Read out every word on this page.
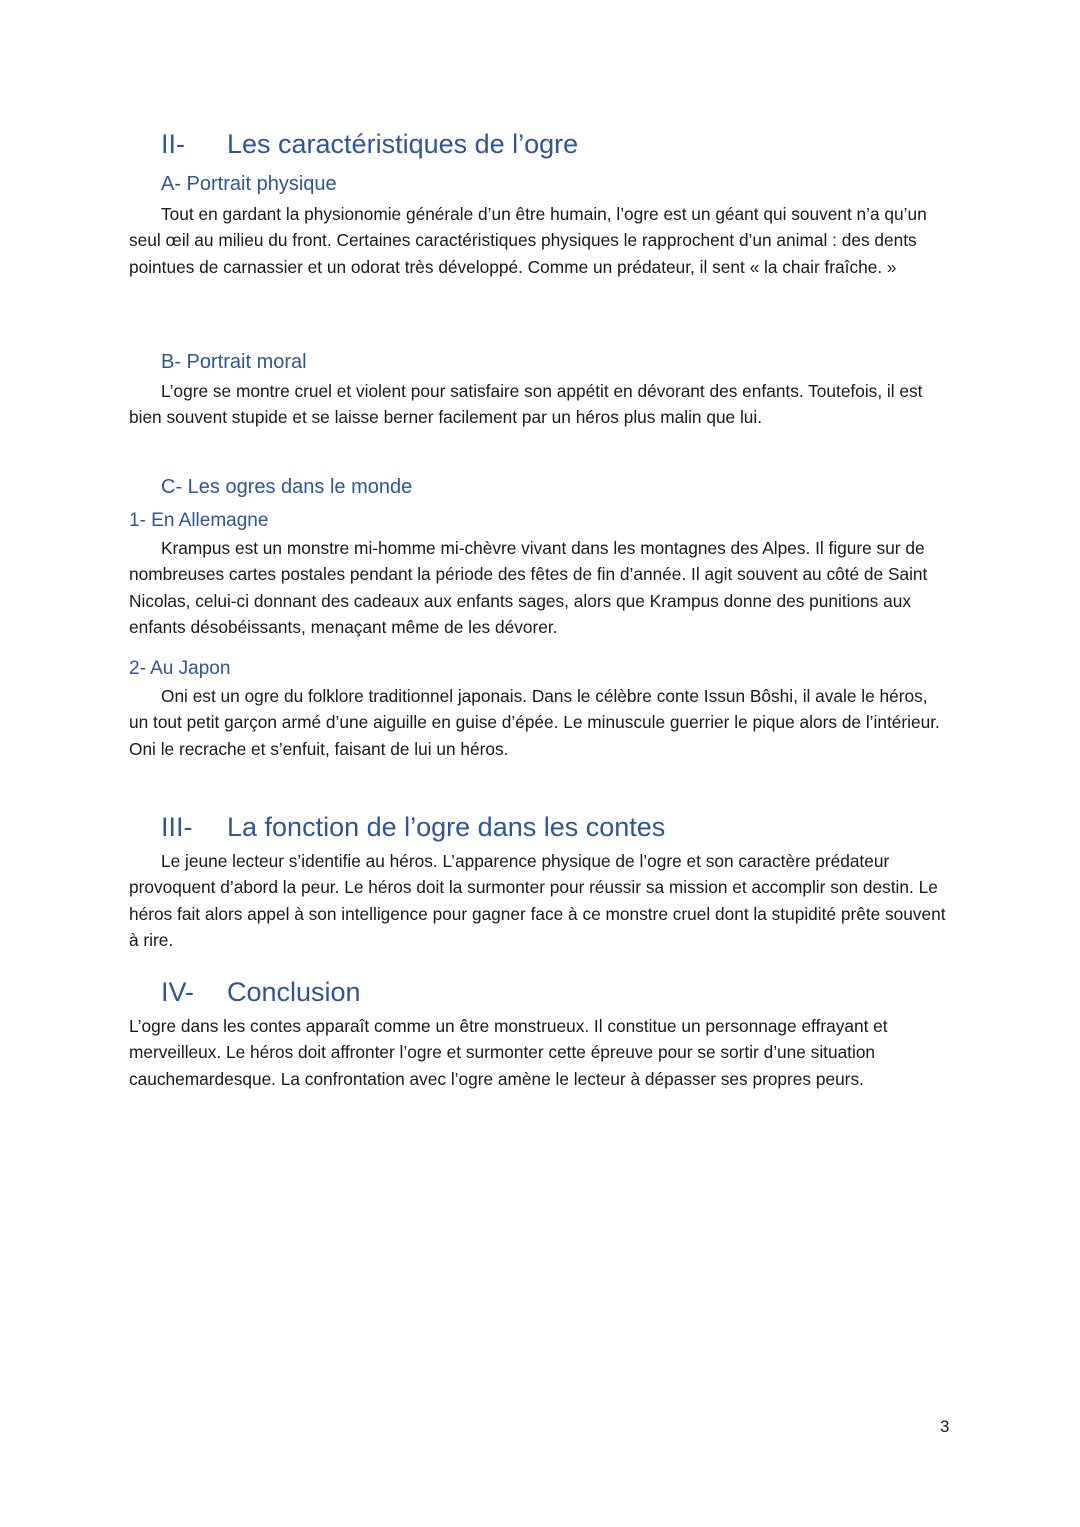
II- Les caractéristiques de l’ogre
A- Portrait physique
Tout en gardant la physionomie générale d’un être humain, l’ogre est un géant qui souvent n’a qu’un seul œil au milieu du front. Certaines caractéristiques physiques le rapprochent d’un animal : des dents pointues de carnassier et un odorat très développé. Comme un prédateur, il sent « la chair fraîche. »
B- Portrait moral
L’ogre se montre cruel et violent pour satisfaire son appétit en dévorant des enfants. Toutefois, il est bien souvent stupide et se laisse berner facilement par un héros plus malin que lui.
C- Les ogres dans le monde
1- En Allemagne
Krampus est un monstre mi-homme mi-chèvre vivant dans les montagnes des Alpes. Il figure sur de nombreuses cartes postales pendant la période des fêtes de fin d’année. Il agit souvent au côté de Saint Nicolas, celui-ci donnant des cadeaux aux enfants sages, alors que Krampus donne des punitions aux enfants désobéissants, menaçant même de les dévorer.
2- Au Japon
Oni est un ogre du folklore traditionnel japonais. Dans le célèbre conte Issun Bôshi, il avale le héros, un tout petit garçon armé d’une aiguille en guise d’épée. Le minuscule guerrier le pique alors de l’intérieur. Oni le recrache et s’enfuit, faisant de lui un héros.
III- La fonction de l’ogre dans les contes
Le jeune lecteur s’identifie au héros. L’apparence physique de l’ogre et son caractère prédateur provoquent d’abord la peur. Le héros doit la surmonter pour réussir sa mission et accomplir son destin. Le héros fait alors appel à son intelligence pour gagner face à ce monstre cruel dont la stupidité prête souvent à rire.
IV- Conclusion
L’ogre dans les contes apparaît comme un être monstrueux. Il constitue un personnage effrayant et merveilleux. Le héros doit affronter l’ogre et surmonter cette épreuve pour se sortir d’une situation cauchemardesque. La confrontation avec l’ogre amène le lecteur à dépasser ses propres peurs.
3
